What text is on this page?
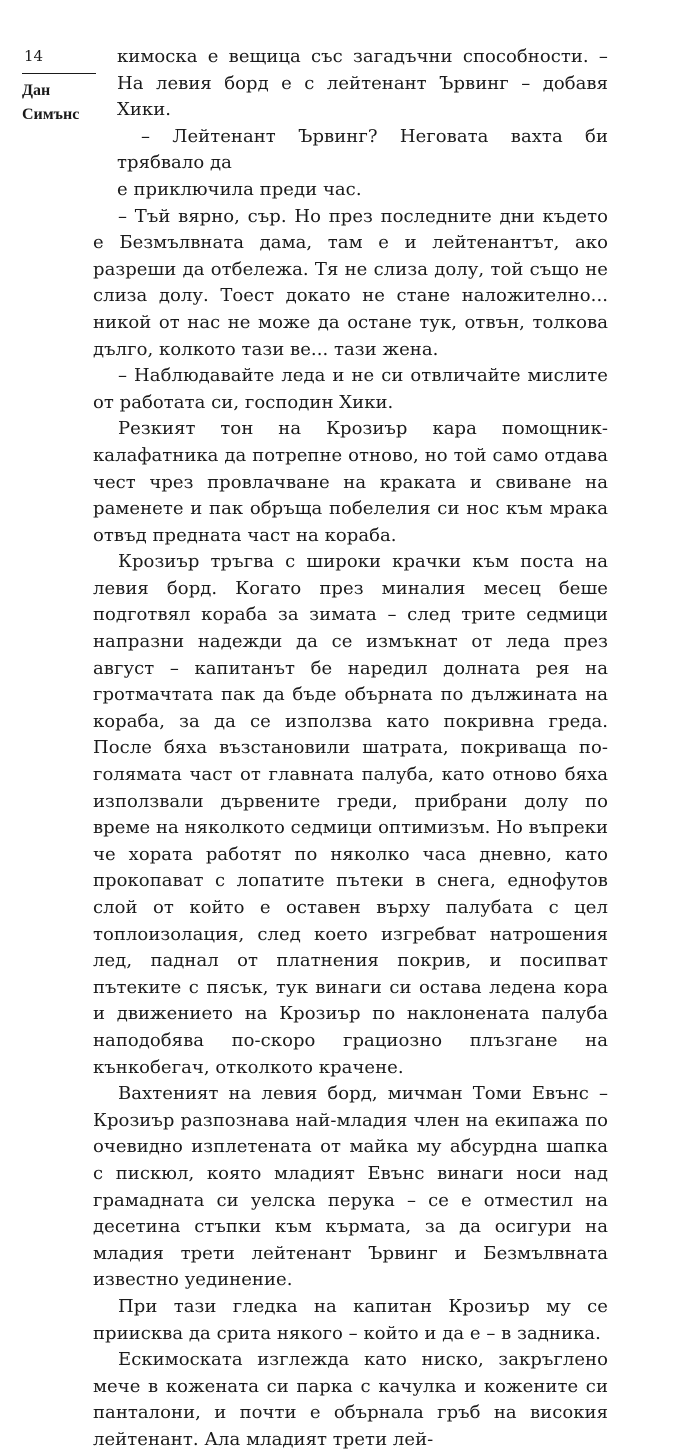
14
Дан
Симънс

кимоска е вещица със загадъчни способности. – На левия борд е с лейтенант Ървинг – добавя Хики.

– Лейтенант Ървинг? Неговата вахта би трябвало да

е приключила преди час.

– Тъй вярно, сър. Но през последните дни където е Безмълвната дама, там е и лейтенантът, ако разреши да отбележа. Тя не слиза долу, той също не слиза долу. Тоест докато не стане наложително... никой от нас не може да остане тук, отвън, толкова дълго, колкото тази ве... тази жена.

– Наблюдавайте леда и не си отвличайте мислите от работата си, господин Хики.

Резкият тон на Крозиър кара помощник-калафатника да потрепне отново, но той само отдава чест чрез провлачване на краката и свиване на раменете и пак обръща побелелия си нос към мрака отвъд предната част на кораба.

Крозиър тръгва с широки крачки към поста на левия борд. Когато през миналия месец беше подготвял кораба за зимата – след трите седмици напразни надежди да се измъкнат от леда през август – капитанът бе наредил долната рея на гротмачтата пак да бъде обърната по дължината на кораба, за да се използва като покривна греда. После бяха възстановили шатрата, покриваща по-голямата част от главната палуба, като отново бяха използвали дървените греди, прибрани долу по време на няколкото седмици оптимизъм. Но въпреки че хората работят по няколко часа дневно, като прокопават с лопатите пътеки в снега, еднофутов слой от който е оставен върху палубата с цел топлоизолация, след което изгребват натрошения лед, паднал от платнения покрив, и посипват пътеките с пясък, тук винаги си остава ледена кора и движението на Крозиър по наклонената палуба наподобява по-скоро грациозно плъзгане на кънкобегач, отколкото крачене.

Вахтеният на левия борд, мичман Томи Евънс – Крозиър разпознава най-младия член на екипажа по очевидно изплетената от майка му абсурдна шапка с пискюл, която младият Евънс винаги носи над грамадната си уелска перука – се е отместил на десетина стъпки към кърмата, за да осигури на младия трети лейтенант Ървинг и Безмълвната известно уединение.

При тази гледка на капитан Крозиър му се приисква да срита някого – който и да е – в задника.

Ескимоската изглежда като ниско, закръглено мече в кожената си парка с качулка и кожените си панталони, и почти е обърнала гръб на високия лейтенант. Ала младият трети лей-
